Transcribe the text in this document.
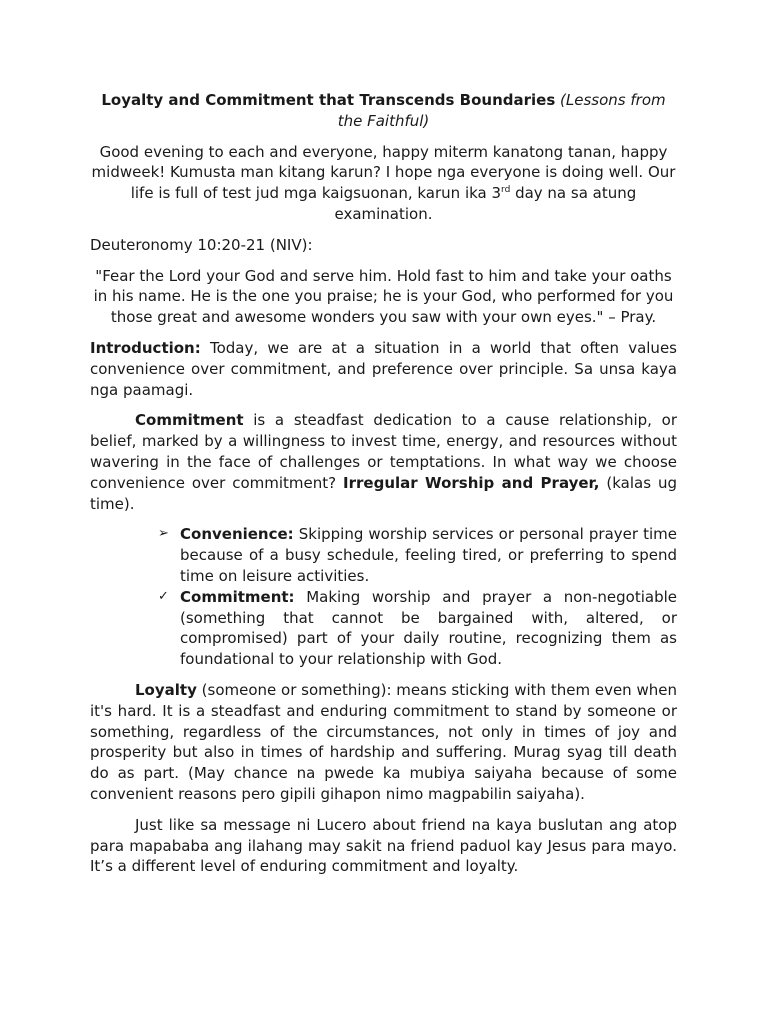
Loyalty and Commitment that Transcends Boundaries (Lessons from the Faithful)

Good evening to each and everyone, happy miterm kanatong tanan, happy midweek! Kumusta man kitang karun? I hope nga everyone is doing well. Our life is full of test jud mga kaigsuonan, karun ika 3rd day na sa atung examination.

Deuteronomy 10:20-21 (NIV):

"Fear the Lord your God and serve him. Hold fast to him and take your oaths in his name. He is the one you praise; he is your God, who performed for you those great and awesome wonders you saw with your own eyes." – Pray.

Introduction: Today, we are at a situation in a world that often values convenience over commitment, and preference over principle. Sa unsa kaya nga paamagi.

Commitment is a steadfast dedication to a cause relationship, or belief, marked by a willingness to invest time, energy, and resources without wavering in the face of challenges or temptations. In what way we choose convenience over commitment? Irregular Worship and Prayer, (kalas ug time).

➢ Convenience: Skipping worship services or personal prayer time because of a busy schedule, feeling tired, or preferring to spend time on leisure activities.
✓ Commitment: Making worship and prayer a non-negotiable (something that cannot be bargained with, altered, or compromised) part of your daily routine, recognizing them as foundational to your relationship with God.

Loyalty (someone or something): means sticking with them even when it's hard. It is a steadfast and enduring commitment to stand by someone or something, regardless of the circumstances, not only in times of joy and prosperity but also in times of hardship and suffering. Murag syag till death do as part. (May chance na pwede ka mubiya saiyaha because of some convenient reasons pero gipili gihapon nimo magpabilin saiyaha).

Just like sa message ni Lucero about friend na kaya buslutan ang atop para mapababa ang ilahang may sakit na friend paduol kay Jesus para mayo. It’s a different level of enduring commitment and loyalty.
